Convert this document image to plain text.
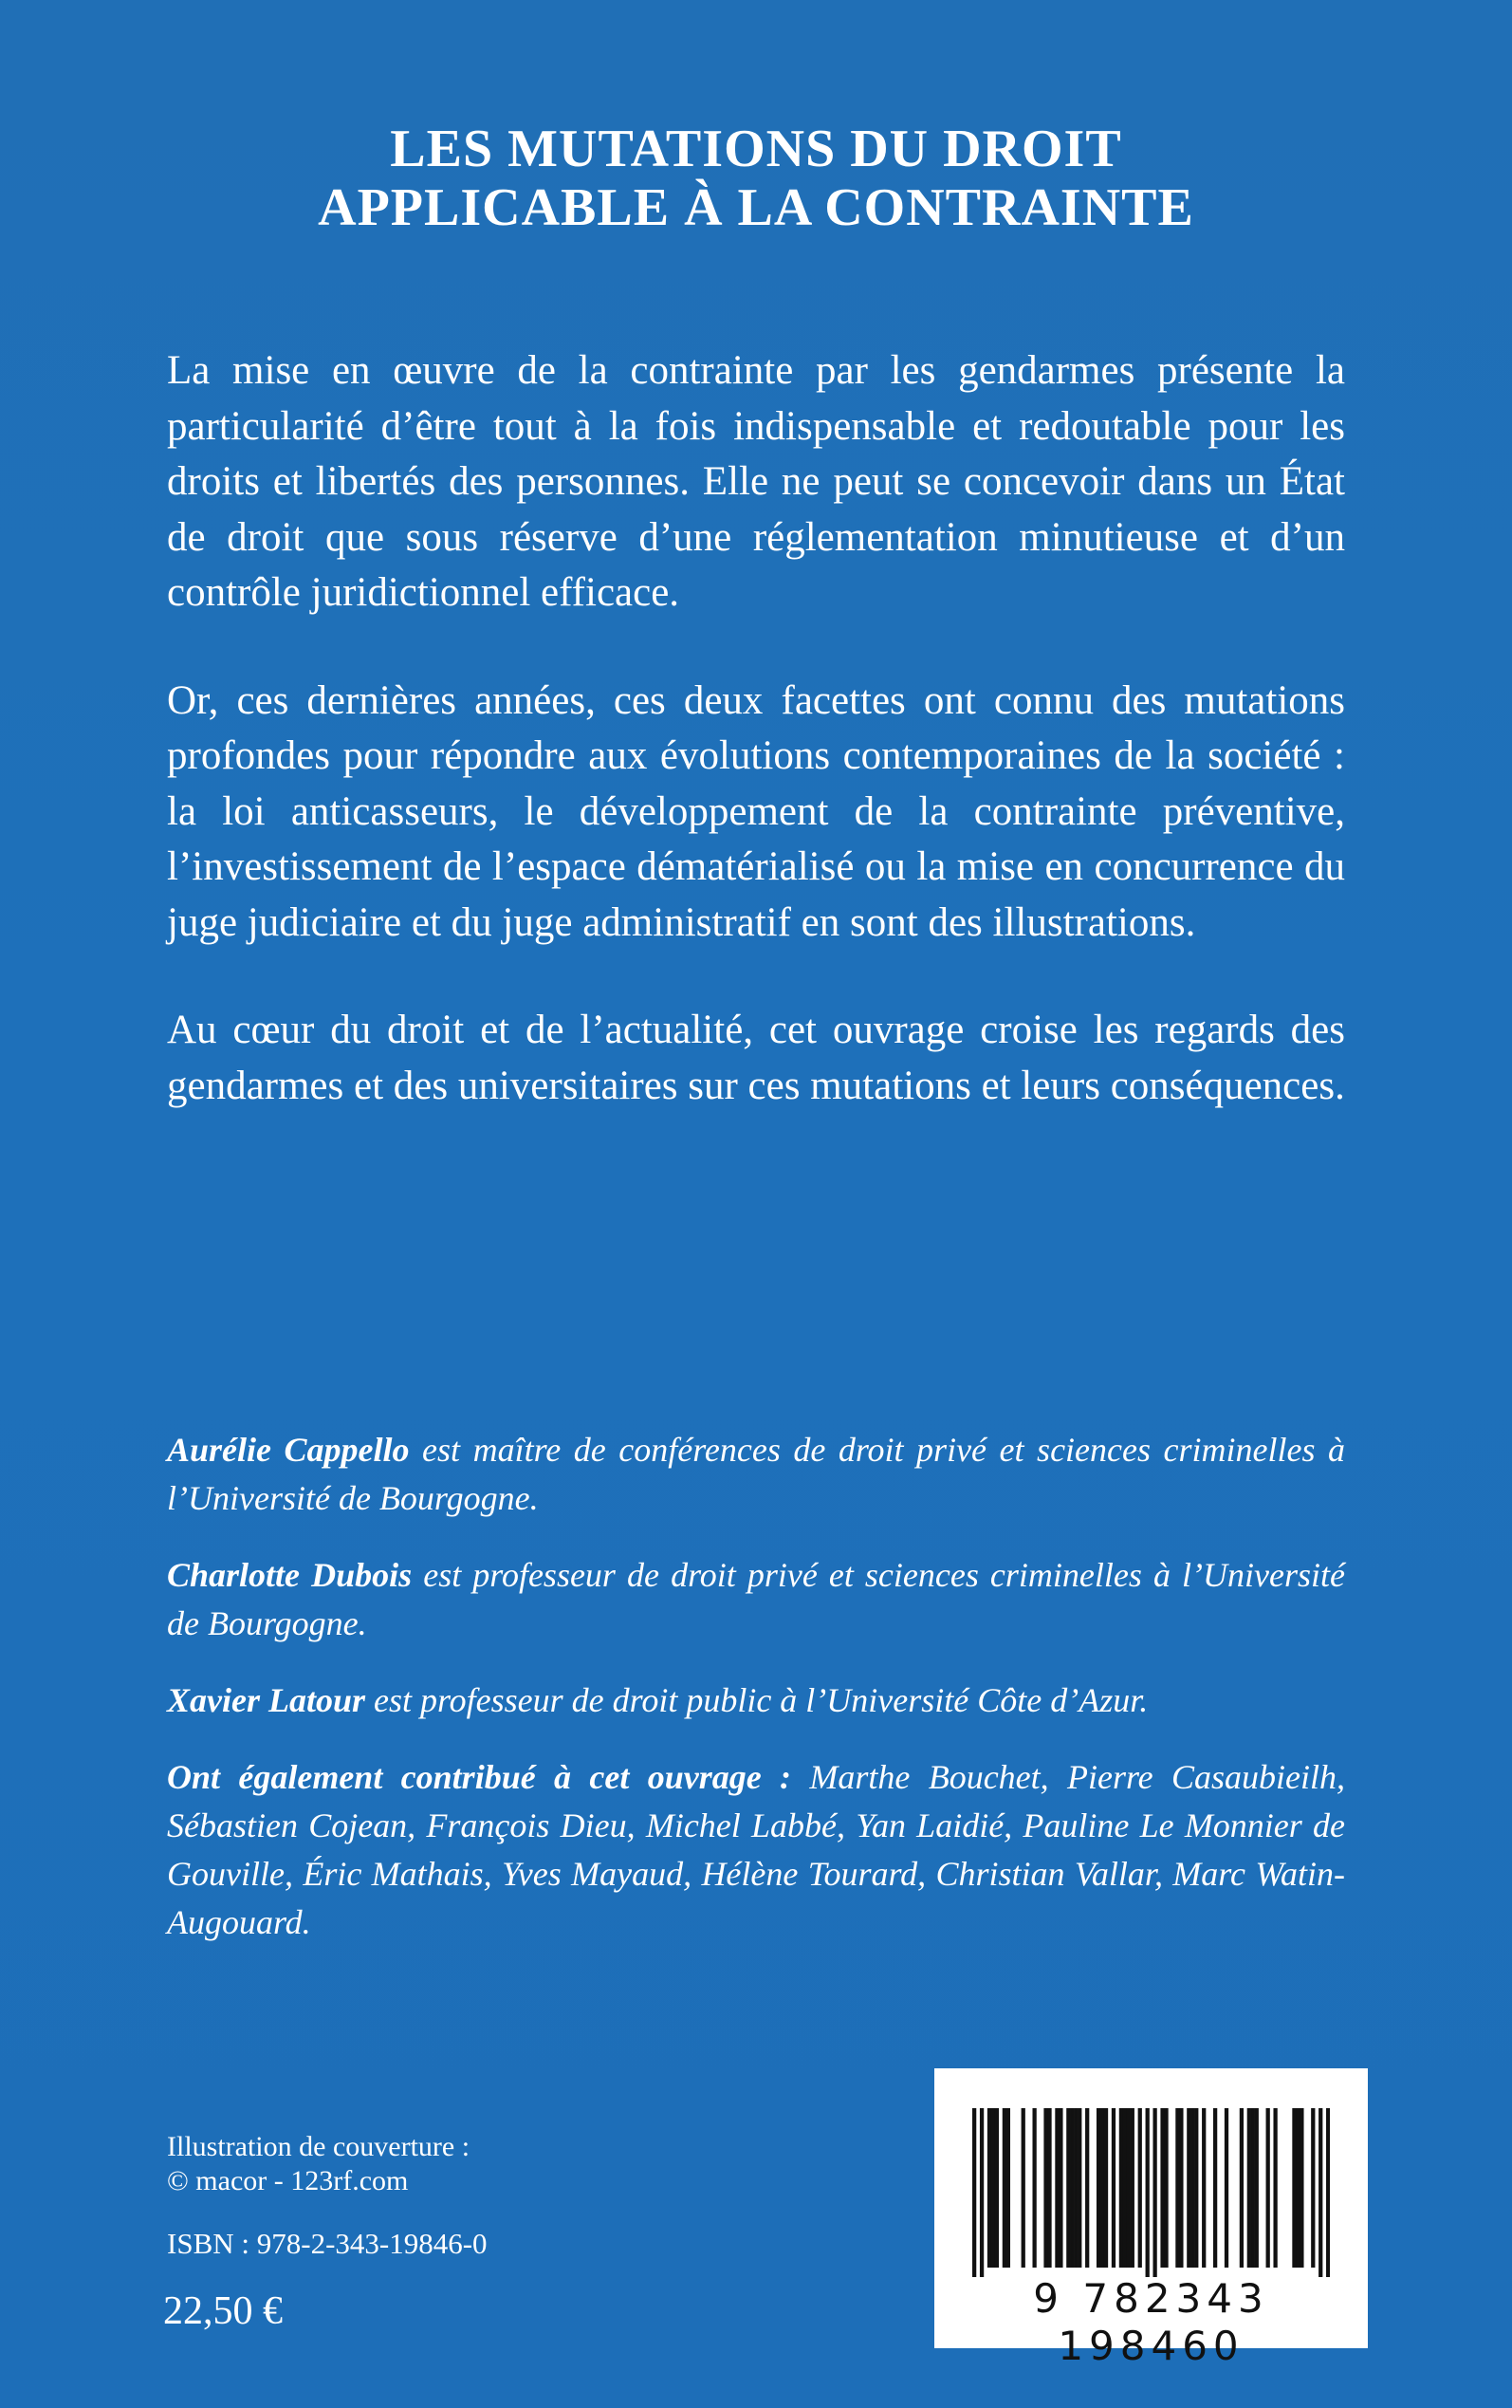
LES MUTATIONS DU DROIT
APPLICABLE À LA CONTRAINTE

La mise en œuvre de la contrainte par les gendarmes présente la particularité d’être tout à la fois indispensable et redoutable pour les droits et libertés des personnes. Elle ne peut se concevoir dans un État de droit que sous réserve d’une réglementation minutieuse et d’un contrôle juridictionnel efficace.

Or, ces dernières années, ces deux facettes ont connu des mutations profondes pour répondre aux évolutions contemporaines de la société : la loi anticasseurs, le développement de la contrainte préventive, l’investissement de l’espace dématérialisé ou la mise en concurrence du juge judiciaire et du juge administratif en sont des illustrations.

Au cœur du droit et de l’actualité, cet ouvrage croise les regards des gendarmes et des universitaires sur ces mutations et leurs conséquences.

Aurélie Cappello est maître de conférences de droit privé et sciences criminelles à l’Université de Bourgogne.

Charlotte Dubois est professeur de droit privé et sciences criminelles à l’Université de Bourgogne.

Xavier Latour est professeur de droit public à l’Université Côte d’Azur.

Ont également contribué à cet ouvrage : Marthe Bouchet, Pierre Casaubieilh, Sébastien Cojean, François Dieu, Michel Labbé, Yan Laidié, Pauline Le Monnier de Gouville, Éric Mathais, Yves Mayaud, Hélène Tourard, Christian Vallar, Marc Watin-Augouard.

Illustration de couverture :
© macor - 123rf.com
ISBN : 978-2-343-19846-0
22,50 €	9 782343 198460
